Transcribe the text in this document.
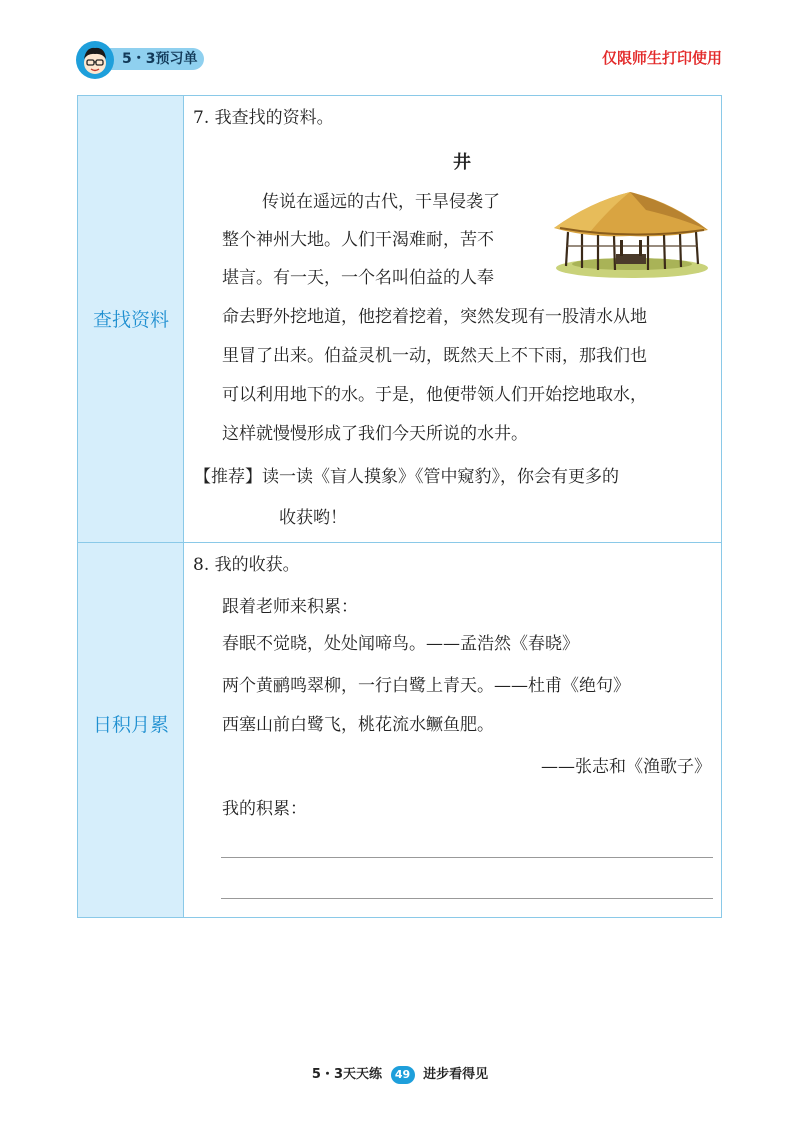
5・3预习单	仅限师生打印使用
查找资料
日积月累
7. 我查找的资料。
井
传说在遥远的古代，干旱侵袭了
整个神州大地。人们干渴难耐，苦不
堪言。有一天，一个名叫伯益的人奉
命去野外挖地道，他挖着挖着，突然发现有一股清水从地
里冒了出来。伯益灵机一动，既然天上不下雨，那我们也
可以利用地下的水。于是，他便带领人们开始挖地取水，
这样就慢慢形成了我们今天所说的水井。
【推荐】读一读《盲人摸象》《管中窥豹》，你会有更多的
收获哟！
8. 我的收获。
跟着老师来积累：
春眠不觉晓，处处闻啼鸟。——孟浩然《春晓》
两个黄鹂鸣翠柳，一行白鹭上青天。——杜甫《绝句》
西塞山前白鹭飞，桃花流水鳜鱼肥。
——张志和《渔歌子》
我的积累：
5・3天天练 49 进步看得见
